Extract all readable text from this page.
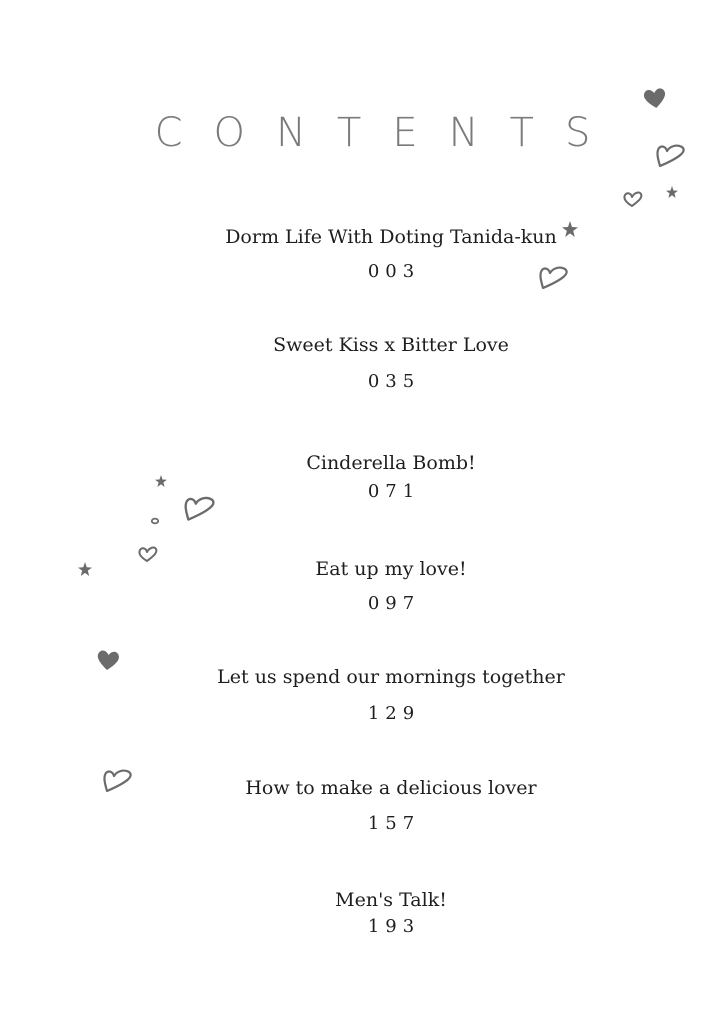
CONTENTS
Dorm Life With Doting Tanida-kun
003
Sweet Kiss x Bitter Love
035
Cinderella Bomb!
071
Eat up my love!
097
Let us spend our mornings together
129
How to make a delicious lover
157
Men's Talk!
193
